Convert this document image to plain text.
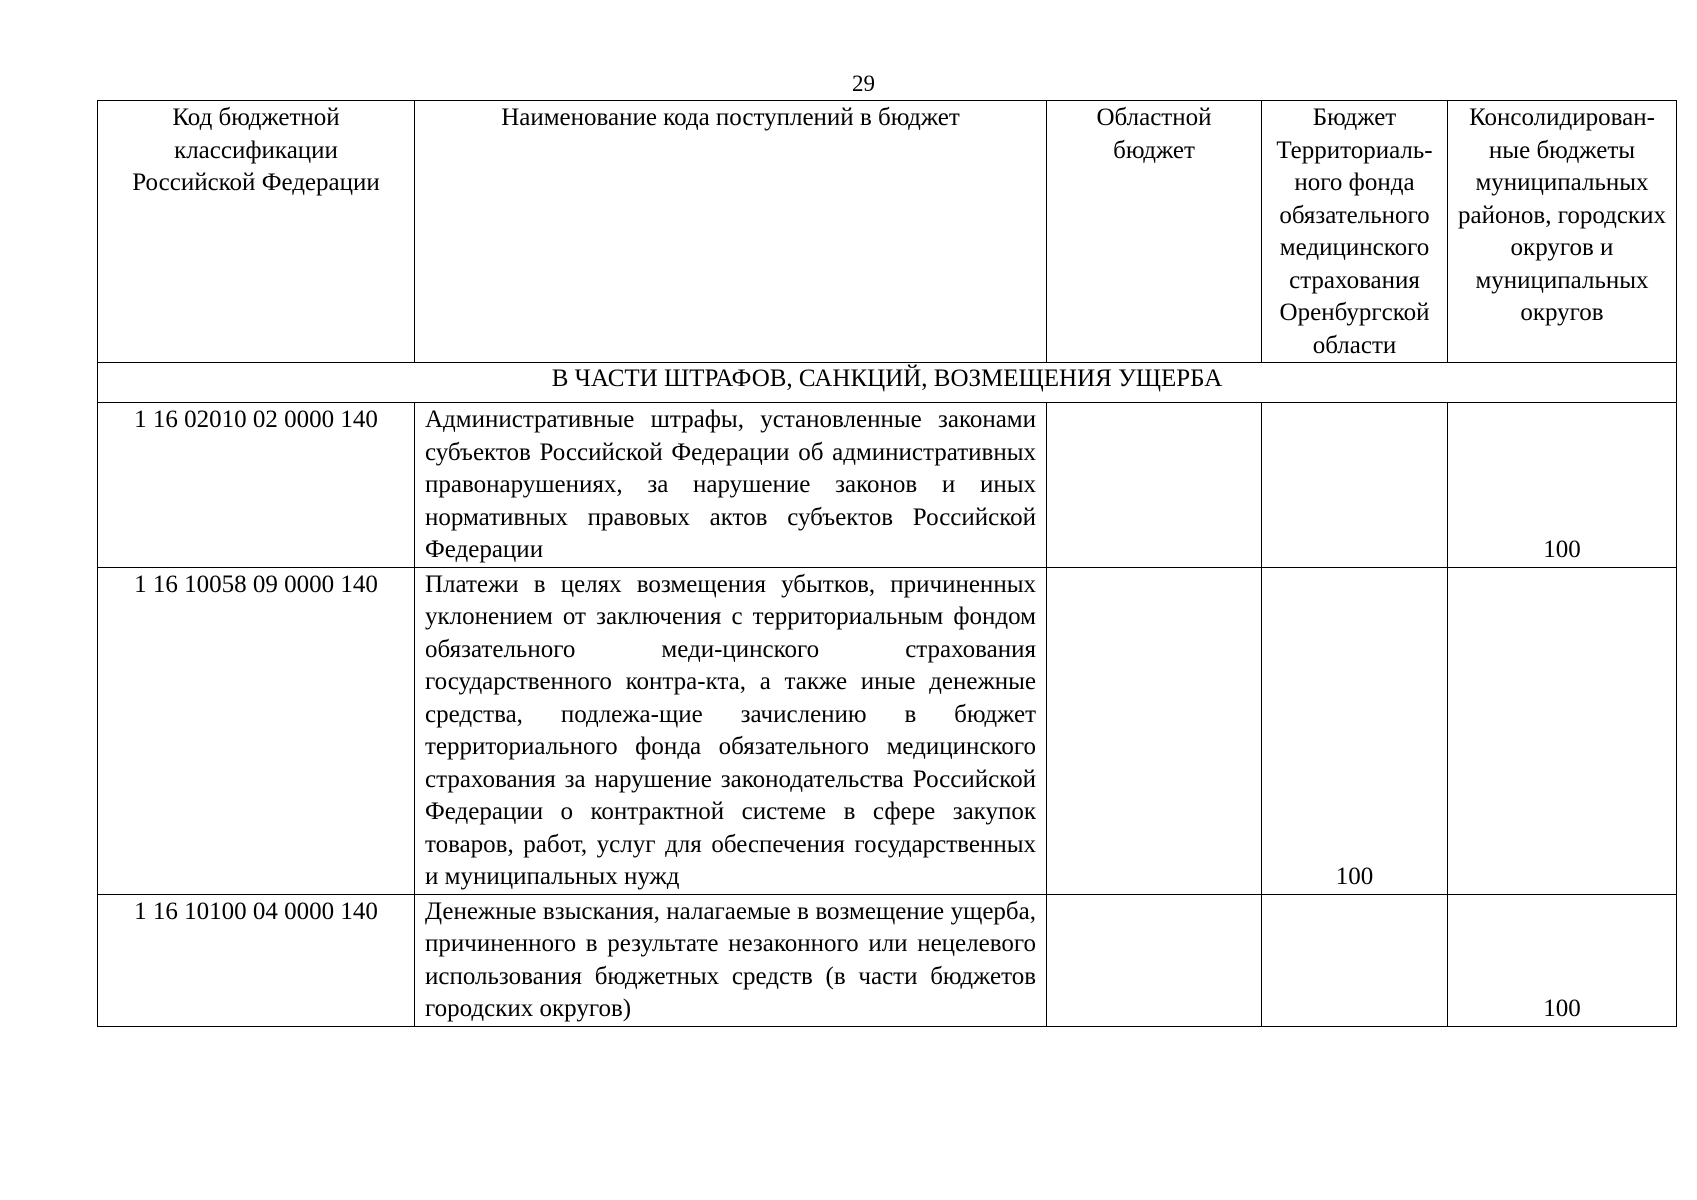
29
Код бюджетной классификации Российской Федерации	Наименование кода поступлений в бюджет	Областной бюджет	Бюджет Территориаль-ного фонда обязательного медицинского страхования Оренбургской области	Консолидирован-ные бюджеты муниципальных районов, городских округов и муниципальных округов

В ЧАСТИ ШТРАФОВ, САНКЦИЙ, ВОЗМЕЩЕНИЯ УЩЕРБА				
1 16 02010 02 0000 140	Административные штрафы, установленные законами субъектов Российской Федерации об административных правонарушениях, за нарушение законов и иных нормативных правовых актов субъектов Российской Федерации			100

1 16 10058 09 0000 140	Платежи в целях возмещения убытков, причиненных уклонением от заключения с территориальным фондом обязательного меди-цинского страхования государственного контра-кта, а также иные денежные средства, подлежа-щие зачислению в бюджет территориального фонда обязательного медицинского страхования за нарушение законодательства Российской Федерации о контрактной системе в сфере закупок товаров, работ, услуг для обеспечения государственных и муниципальных нужд		100	

1 16 10100 04 0000 140	Денежные взыскания, налагаемые в возмещение ущерба, причиненного в результате незаконного или нецелевого использования бюджетных средств (в части бюджетов городских округов)			100
